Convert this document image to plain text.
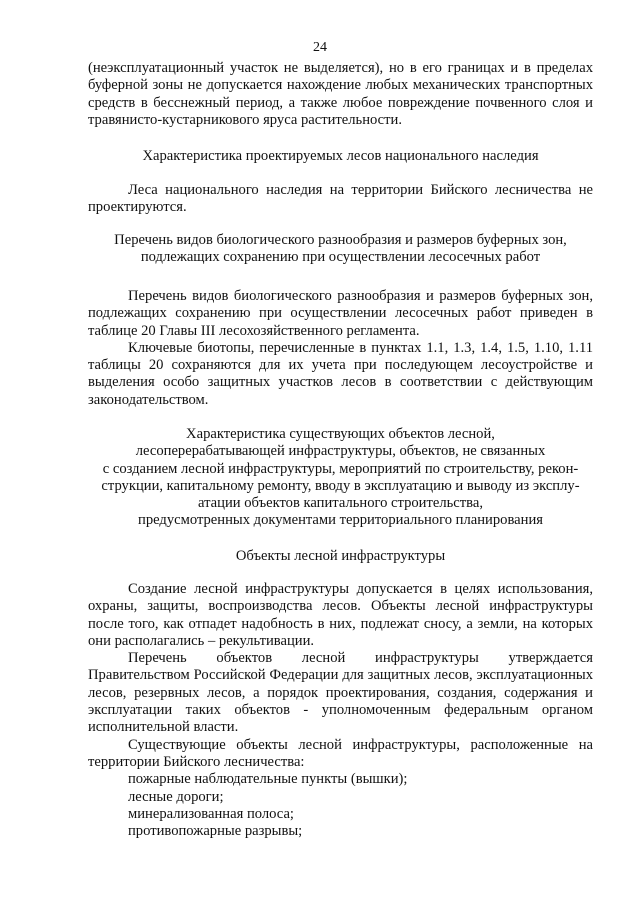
24

(неэксплуатационный участок не выделяется), но в его границах и в пределах буферной зоны не допускается нахождение любых механических транспортных средств в бесснежный период, а также любое повреждение почвенного слоя и травянисто-кустарникового яруса растительности.

Характеристика проектируемых лесов национального наследия

Леса национального наследия на территории Бийского лесничества не проектируются.

Перечень видов биологического разнообразия и размеров буферных зон,
подлежащих сохранению при осуществлении лесосечных работ

Перечень видов биологического разнообразия и размеров буферных зон, подлежащих сохранению при осуществлении лесосечных работ приведен в таблице 20 Главы III лесохозяйственного регламента.

Ключевые биотопы, перечисленные в пунктах 1.1, 1.3, 1.4, 1.5, 1.10, 1.11 таблицы 20 сохраняются для их учета при последующем лесоустройстве и выделения особо защитных участков лесов в соответствии с действующим законодательством.

Характеристика существующих объектов лесной,
лесоперерабатывающей инфраструктуры, объектов, не связанных
с созданием лесной инфраструктуры, мероприятий по строительству, рекон-
струкции, капитальному ремонту, вводу в эксплуатацию и выводу из эксплу-
атации объектов капитального строительства,
предусмотренных документами территориального планирования
Объекты лесной инфраструктуры

Создание лесной инфраструктуры допускается в целях использования, охраны, защиты, воспроизводства лесов. Объекты лесной инфраструктуры после того, как отпадет надобность в них, подлежат сносу, а земли, на которых они располагались – рекультивации.

Перечень объектов лесной инфраструктуры утверждается Правительством Российской Федерации для защитных лесов, эксплуатационных лесов, резервных лесов, а порядок проектирования, создания, содержания и эксплуатации таких объектов - уполномоченным федеральным органом исполнительной власти.

Существующие объекты лесной инфраструктуры, расположенные на территории Бийского лесничества:

пожарные наблюдательные пункты (вышки);
лесные дороги;
минерализованная полоса;
противопожарные разрывы;
